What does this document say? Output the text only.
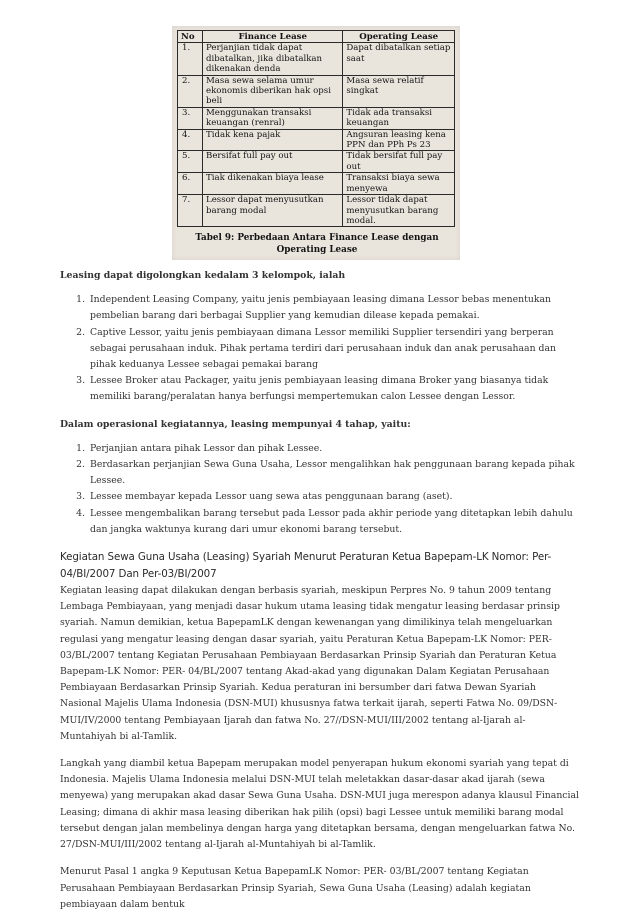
No	Finance Lease	Operating Lease
1.	Perjanjian tidak dapat dibatalkan, jika dibatalkan dikenakan denda	Dapat dibatalkan setiap saat
2.	Masa sewa selama umur ekonomis diberikan hak opsi beli	Masa sewa relatif singkat
3.	Menggunakan transaksi keuangan (renral)	Tidak ada transaksi keuangan
4.	Tidak kena pajak	Angsuran leasing kena PPN dan PPh Ps 23
5.	Bersifat full pay out	Tidak bersifat full pay out
6.	Tiak dikenakan biaya lease	Transaksi biaya sewa menyewa
7.	Lessor dapat menyusutkan barang modal	Lessor tidak dapat menyusutkan barang modal.
Tabel 9: Perbedaan Antara Finance Lease dengan Operating Lease

Leasing dapat digolongkan kedalam 3 kelompok, ialah

1. Independent Leasing Company, yaitu jenis pembiayaan leasing dimana Lessor bebas menentukan pembelian barang dari berbagai Supplier yang kemudian dilease kepada pemakai.
2. Captive Lessor, yaitu jenis pembiayaan dimana Lessor memiliki Supplier tersendiri yang berperan sebagai perusahaan induk. Pihak pertama terdiri dari perusahaan induk dan anak perusahaan dan pihak keduanya Lessee sebagai pemakai barang
3. Lessee Broker atau Packager, yaitu jenis pembiayaan leasing dimana Broker yang biasanya tidak memiliki barang/peralatan hanya berfungsi mempertemukan calon Lessee dengan Lessor.

Dalam operasional kegiatannya, leasing mempunyai 4 tahap, yaitu:

1. Perjanjian antara pihak Lessor dan pihak Lessee.
2. Berdasarkan perjanjian Sewa Guna Usaha, Lessor mengalihkan hak penggunaan barang kepada pihak Lessee.
3. Lessee membayar kepada Lessor uang sewa atas penggunaan barang (aset).
4. Lessee mengembalikan barang tersebut pada Lessor pada akhir periode yang ditetapkan lebih dahulu dan jangka waktunya kurang dari umur ekonomi barang tersebut.
Kegiatan Sewa Guna Usaha (Leasing) Syariah Menurut Peraturan Ketua Bapepam-LK Nomor: Per- 04/BI/2007 Dan Per-03/BI/2007

Kegiatan leasing dapat dilakukan dengan berbasis syariah, meskipun Perpres No. 9 tahun 2009 tentang Lembaga Pembiayaan, yang menjadi dasar hukum utama leasing tidak mengatur leasing berdasar prinsip syariah. Namun demikian, ketua BapepamLK dengan kewenangan yang dimilikinya telah mengeluarkan regulasi yang mengatur leasing dengan dasar syariah, yaitu Peraturan Ketua Bapepam-LK Nomor: PER- 03/BL/2007 tentang Kegiatan Perusahaan Pembiayaan Berdasarkan Prinsip Syariah dan Peraturan Ketua Bapepam-LK Nomor: PER- 04/BL/2007 tentang Akad-akad yang digunakan Dalam Kegiatan Perusahaan Pembiayaan Berdasarkan Prinsip Syariah. Kedua peraturan ini bersumber dari fatwa Dewan Syariah Nasional Majelis Ulama Indonesia (DSN-MUI) khususnya fatwa terkait ijarah, seperti Fatwa No. 09/DSN-MUI/IV/2000 tentang Pembiayaan Ijarah dan fatwa No. 27//DSN-MUI/III/2002 tentang al-Ijarah al-Muntahiyah bi al-Tamlik.

Langkah yang diambil ketua Bapepam merupakan model penyerapan hukum ekonomi syariah yang tepat di Indonesia. Majelis Ulama Indonesia melalui DSN-MUI telah meletakkan dasar-dasar akad ijarah (sewa menyewa) yang merupakan akad dasar Sewa Guna Usaha. DSN-MUI juga merespon adanya klausul Financial Leasing; dimana di akhir masa leasing diberikan hak pilih (opsi) bagi Lessee untuk memiliki barang modal tersebut dengan jalan membelinya dengan harga yang ditetapkan bersama, dengan mengeluarkan fatwa No. 27/DSN-MUI/III/2002 tentang al-Ijarah al-Muntahiyah bi al-Tamlik.

Menurut Pasal 1 angka 9 Keputusan Ketua BapepamLK Nomor: PER- 03/BL/2007 tentang Kegiatan Perusahaan Pembiayaan Berdasarkan Prinsip Syariah, Sewa Guna Usaha (Leasing) adalah kegiatan pembiayaan dalam bentuk
